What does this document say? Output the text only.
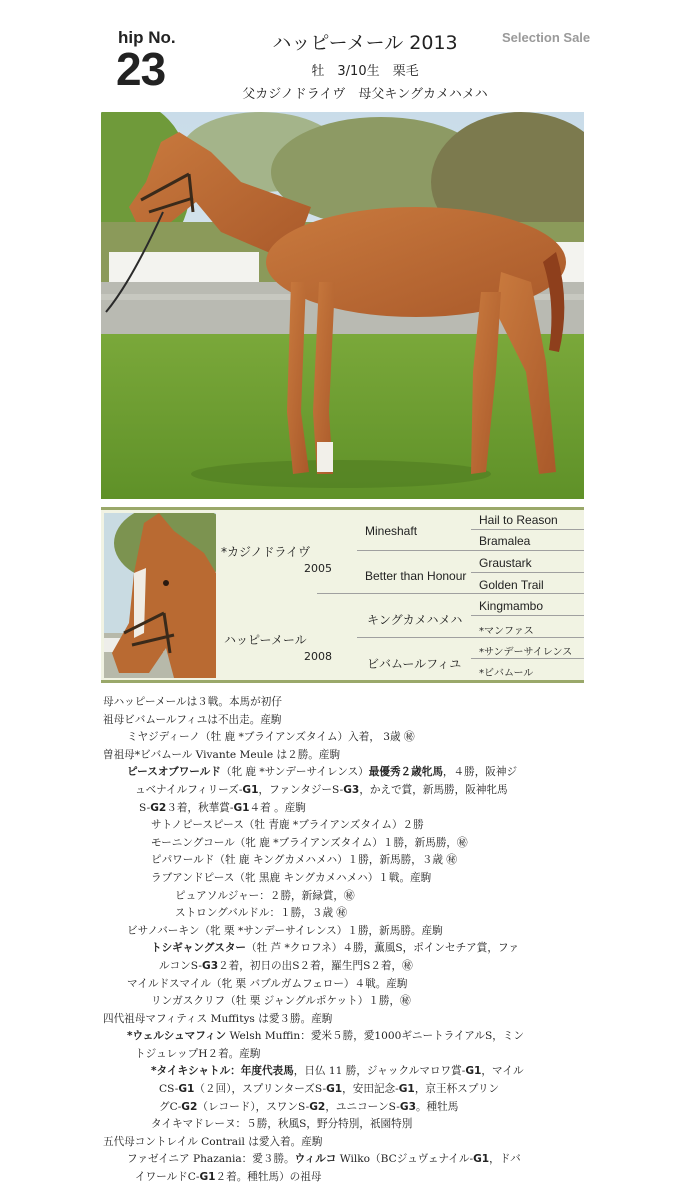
hip No.
23
Selection Sale
ハッピーメール 2013
牡　3/10生　栗毛
父カジノドライヴ　母父キングカメハメハ
*カジノドライヴ
2005
ハッピーメール
2008
Mineshaft
Better than Honour
キングカメハメハ
ビバムールフィユ
Hail to Reason
Bramalea
Graustark
Golden Trail
Kingmambo
*マンファス
*サンデーサイレンス
*ビバムール
母ハッピーメールは３戦。本馬が初仔
祖母ビバムールフィユは不出走。産駒
ミヤジディーノ（牡 鹿 *ブライアンズタイム）入着， 3歳 ㊙
曽祖母*ビバムール Vivante Meule は２勝。産駒
ピースオブワールド（牝 鹿 *サンデーサイレンス）最優秀２歳牝馬，４勝，阪神ジ
ュベナイルフィリーズ-G1，ファンタジーS-G3，かえで賞，新馬勝，阪神牝馬
S-G2３着，秋華賞-G1４着 。産駒
サトノピースピース（牡 青鹿 *ブライアンズタイム）２勝
モーニングコール（牝 鹿 *ブライアンズタイム）１勝，新馬勝，㊙
ピパワールド（牡 鹿 キングカメハメハ）１勝，新馬勝，３歳 ㊙
ラブアンドピース（牝 黒鹿 キングカメハメハ）１戦。産駒
ピュアソルジャー：２勝，新緑賞，㊙
ストロングバルドル：１勝，３歳 ㊙
ビサノバーキン（牝 栗 *サンデーサイレンス）１勝，新馬勝。産駒
トシギャングスター（牡 芦 *クロフネ）４勝，薫風S，ポインセチア賞，ファ
ルコンS-G3２着，初日の出S２着，羅生門S２着，㊙
マイルドスマイル（牝 栗 バブルガムフェロー）４戦。産駒
リンガスクリフ（牡 栗 ジャングルポケット）１勝，㊙
四代祖母マフィティス Muffitys は愛３勝。産駒
*ウェルシュマフィン Welsh Muffin：愛米５勝，愛1000ギニートライアルS，ミン
トジュレップH２着。産駒
*タイキシャトル：年度代表馬，日仏 11 勝，ジャックルマロワ賞-G1，マイル
CS-G1（２回），スプリンターズS-G1，安田記念-G1，京王杯スプリン
グC-G2（レコード），スワンS-G2，ユニコーンS-G3。種牡馬
タイキマドレーヌ：５勝，秋風S，野分特別，祇園特別
五代母コントレイル Contrail は愛入着。産駒
ファゼイニア Phazania：愛３勝。ウィルコ Wilko（BCジュヴェナイル-G1，ドバ
イワールドC-G1２着。種牡馬）の祖母
